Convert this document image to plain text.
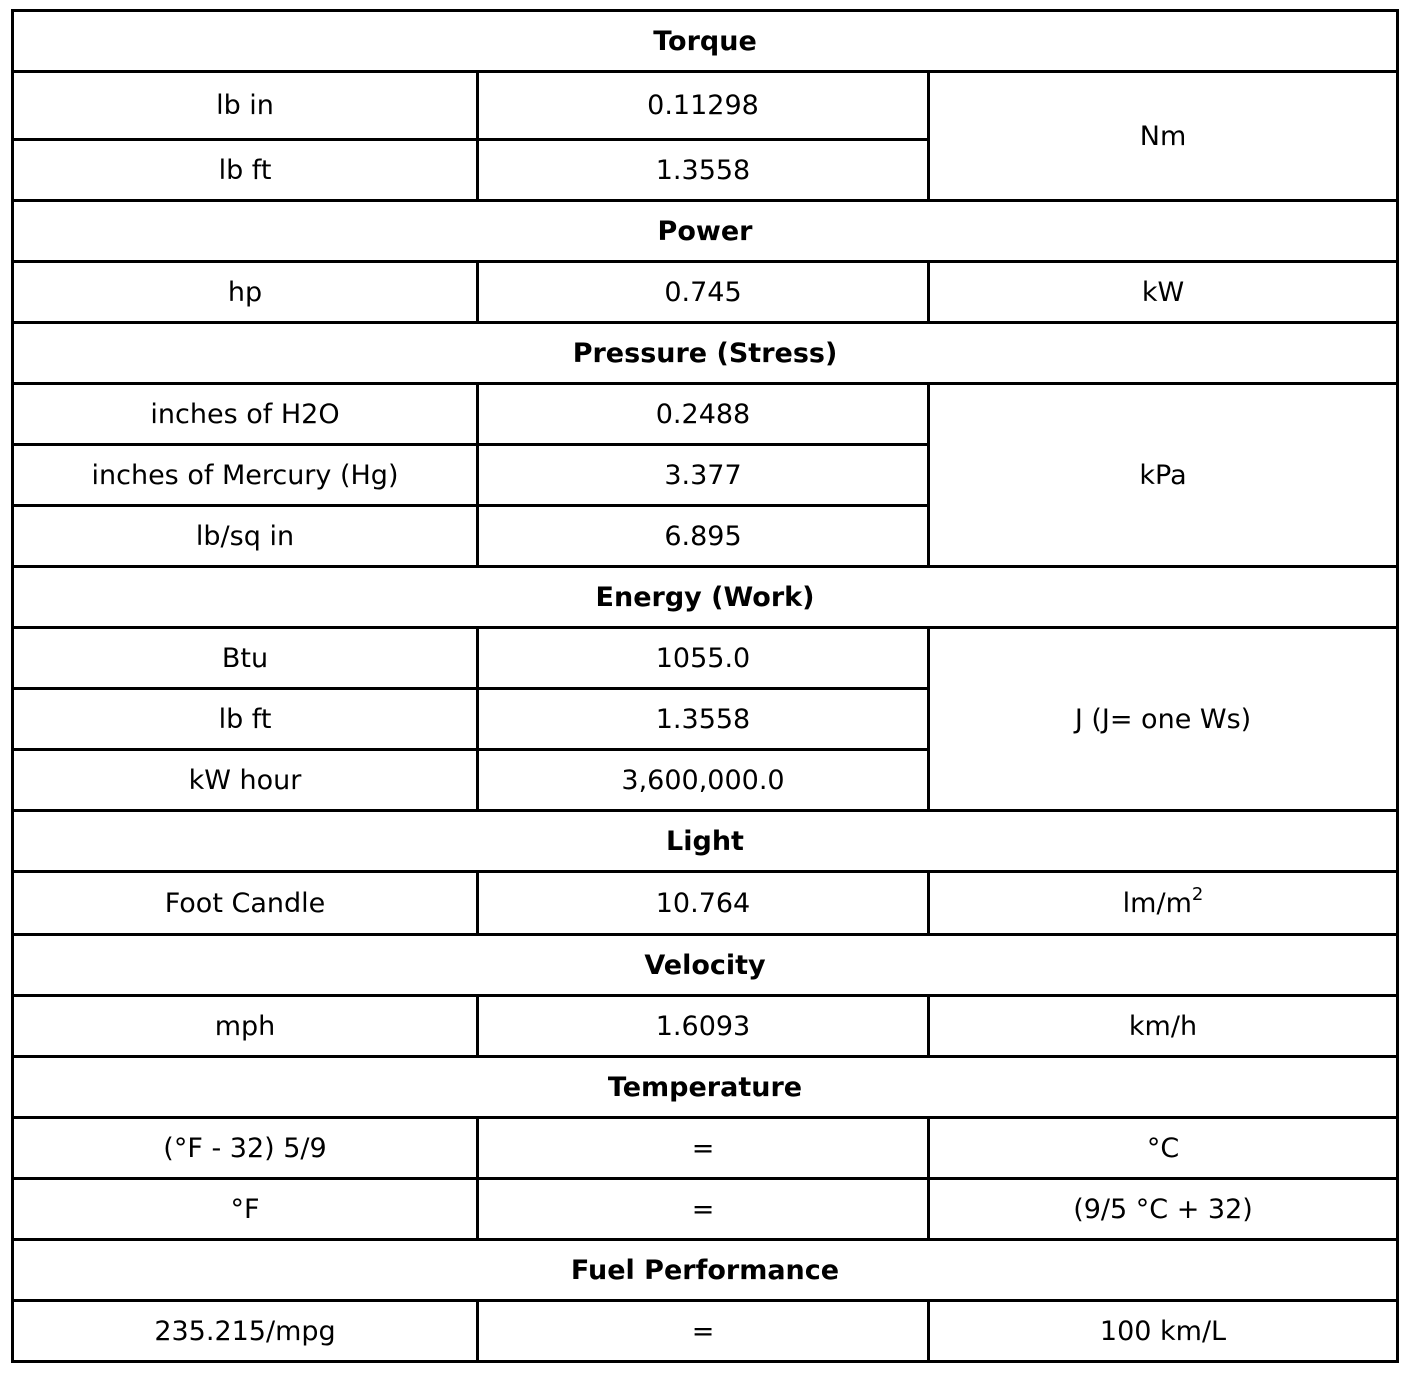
Torque		
lb in	0.11298	Nm
lb ft	1.3558	
Power		
hp	0.745	kW
Pressure (Stress)		
inches of H2O	0.2488	kPa
inches of Mercury (Hg)	3.377	
lb/sq in	6.895	
Energy (Work)		
Btu	1055.0	J (J= one Ws)
lb ft	1.3558	
kW hour	3,600,000.0	
Light		
Foot Candle	10.764	$lm/m^2$
Velocity		
mph	1.6093	km/h
Temperature		
(°F - 32) 5/9	=	°C
°F	=	(9/5 °C + 32)
Fuel Performance		
235.215/mpg	=	100 km/L
